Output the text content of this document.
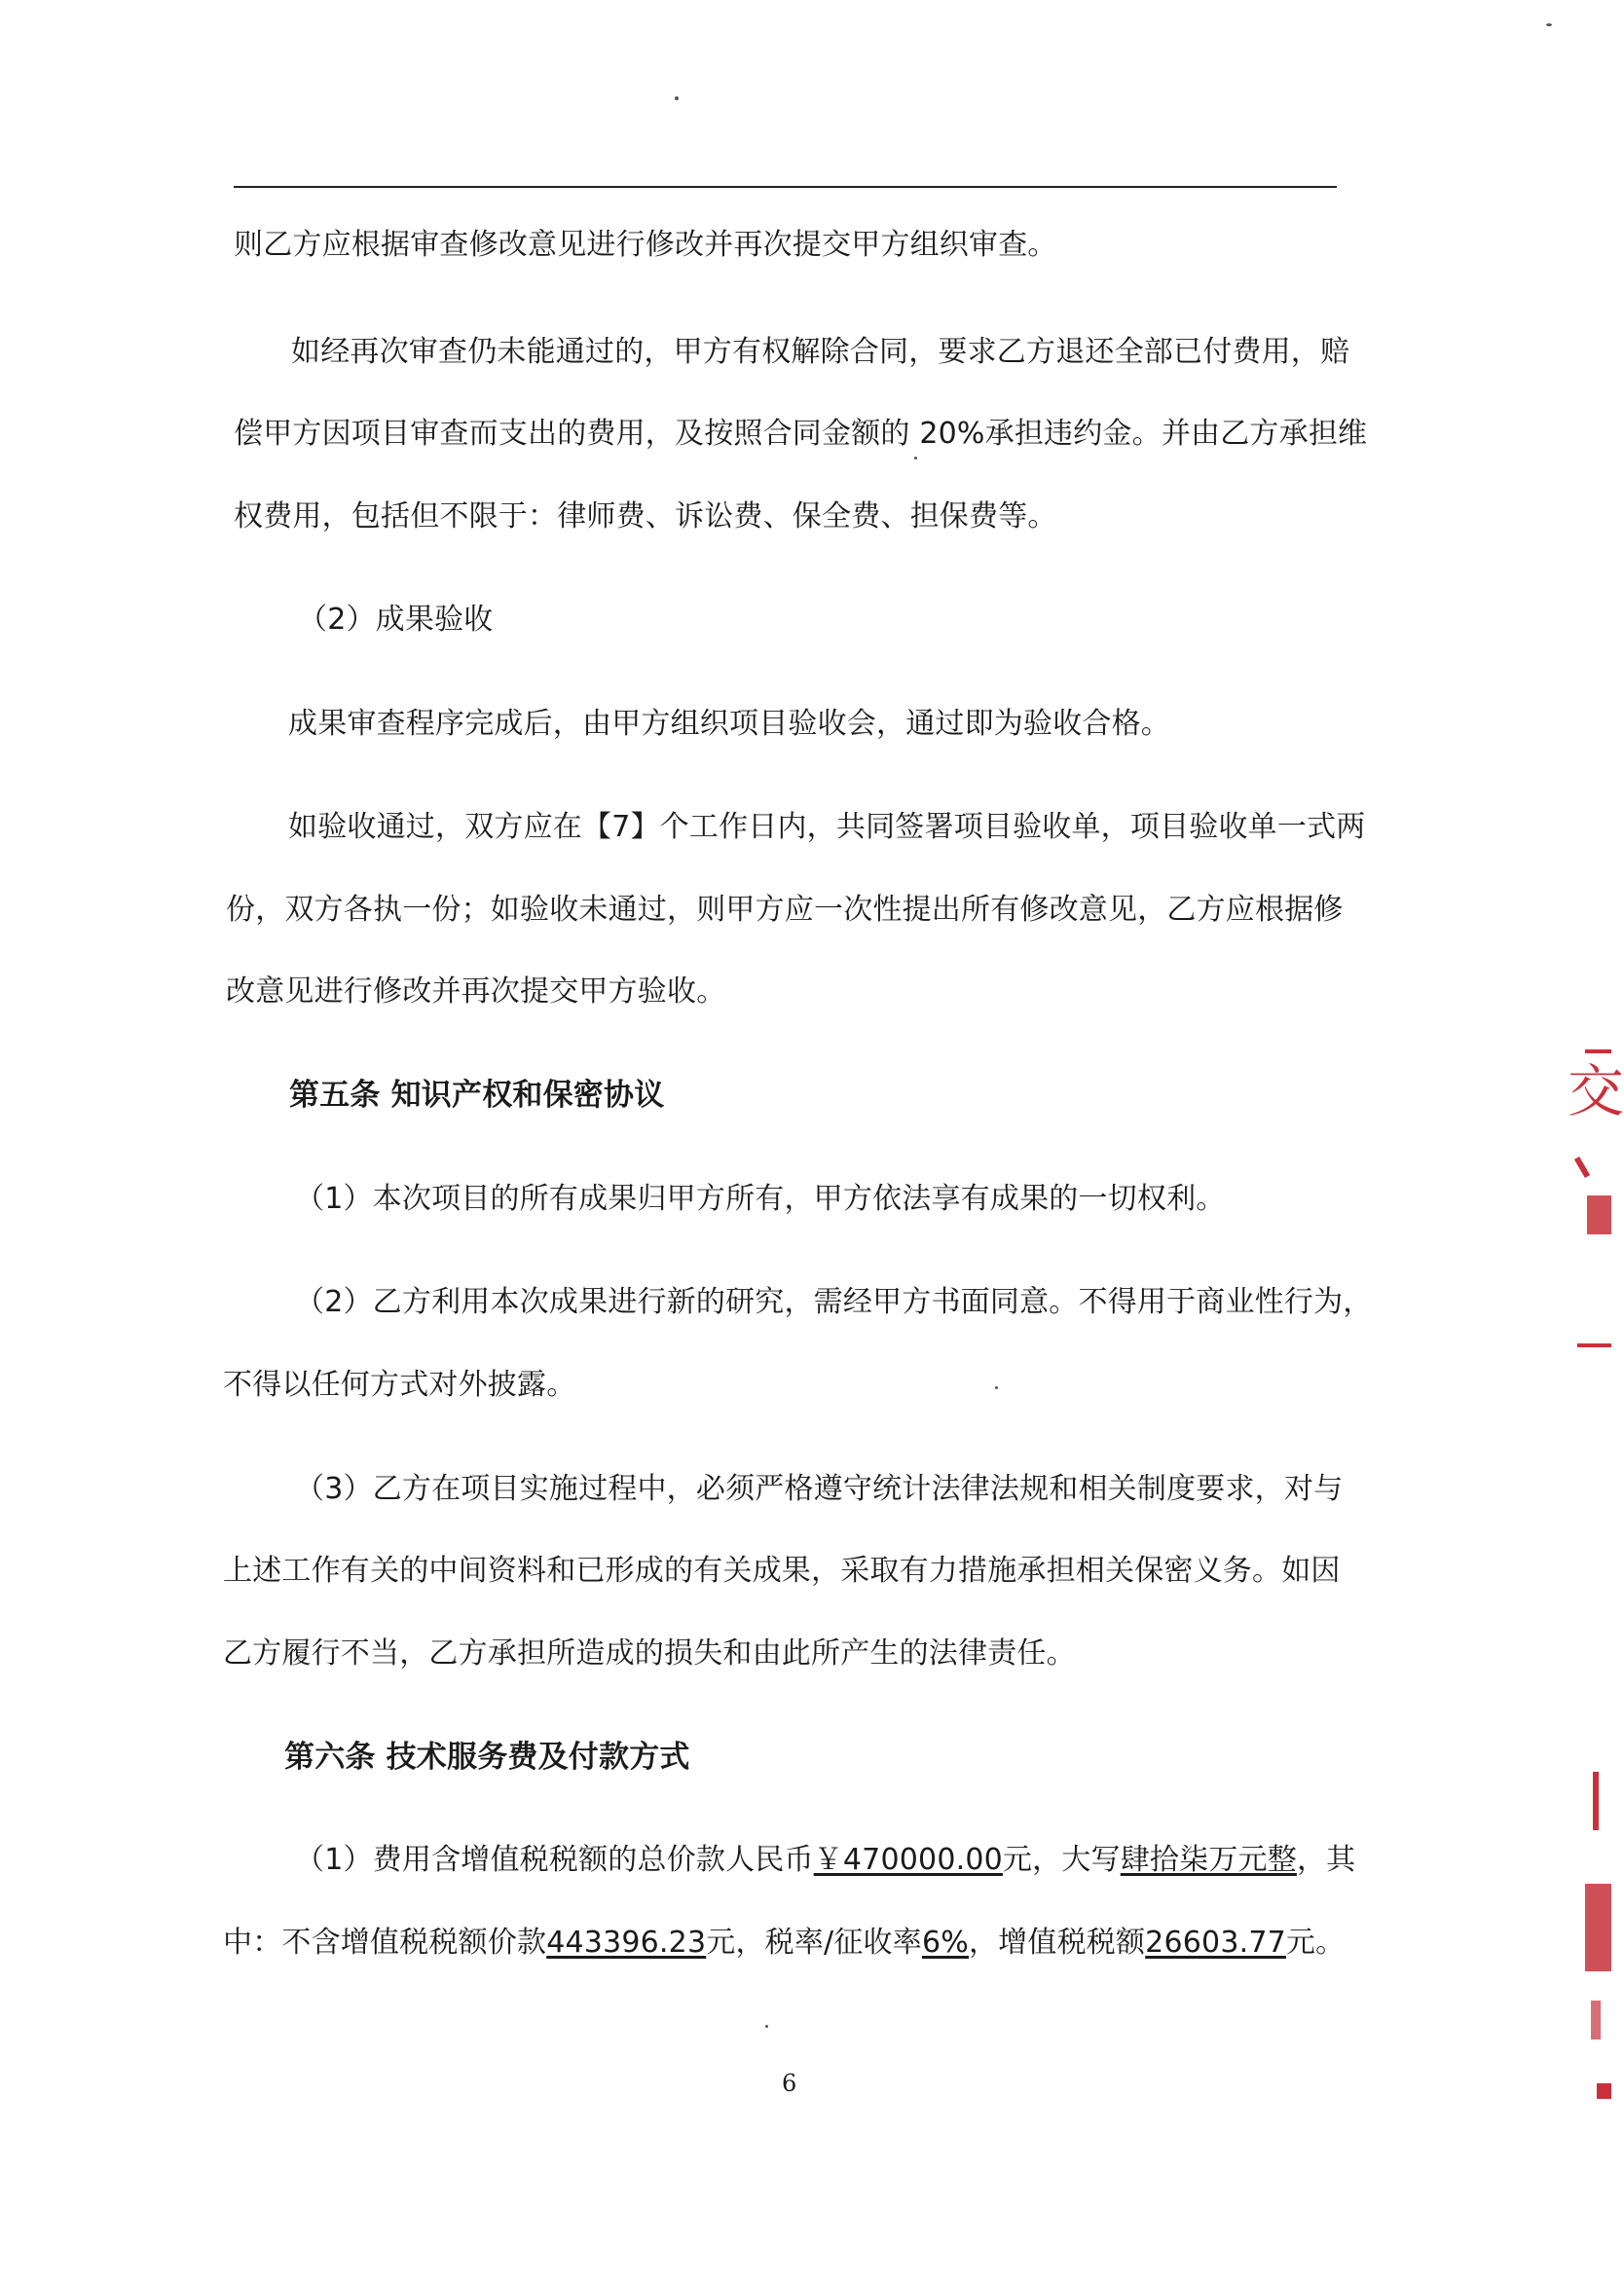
则乙方应根据审查修改意见进行修改并再次提交甲方组织审查。
如经再次审查仍未能通过的，甲方有权解除合同，要求乙方退还全部已付费用，赔
偿甲方因项目审查而支出的费用，及按照合同金额的 20%承担违约金。并由乙方承担维
权费用，包括但不限于：律师费、诉讼费、保全费、担保费等。
（2）成果验收
成果审查程序完成后，由甲方组织项目验收会，通过即为验收合格。
如验收通过，双方应在【7】个工作日内，共同签署项目验收单，项目验收单一式两
份，双方各执一份；如验收未通过，则甲方应一次性提出所有修改意见，乙方应根据修
改意见进行修改并再次提交甲方验收。
第五条 知识产权和保密协议
（1）本次项目的所有成果归甲方所有，甲方依法享有成果的一切权利。
（2）乙方利用本次成果进行新的研究，需经甲方书面同意。不得用于商业性行为，
不得以任何方式对外披露。
（3）乙方在项目实施过程中，必须严格遵守统计法律法规和相关制度要求，对与
上述工作有关的中间资料和已形成的有关成果，采取有力措施承担相关保密义务。如因
乙方履行不当，乙方承担所造成的损失和由此所产生的法律责任。
第六条 技术服务费及付款方式
（1）费用含增值税税额的总价款人民币￥470000.00元，大写肆拾柒万元整，其
中：不含增值税税额价款443396.23元，税率/征收率6%，增值税税额26603.77元。
6
交
